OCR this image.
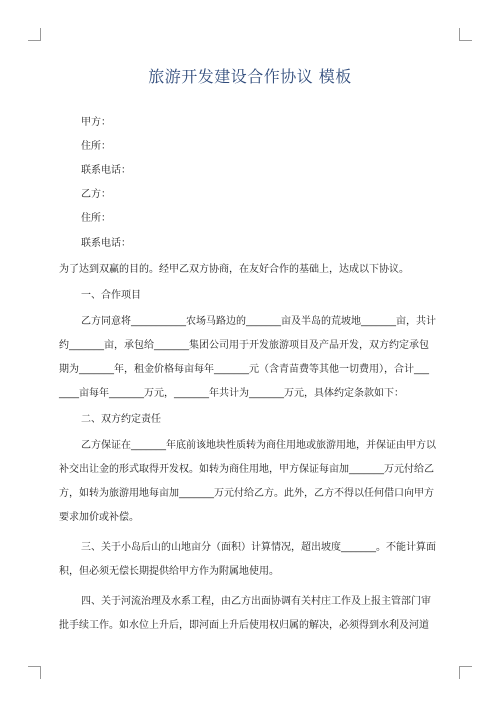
旅游开发建设合作协议 模板
甲方：
住所：
联系电话：
乙方：
住所：
联系电话：
为了达到双赢的目的。经甲乙双方协商，在友好合作的基础上，达成以下协议。
一、合作项目
乙方同意将___________农场马路边的_______亩及半岛的荒坡地_______亩，共计
约_______亩，承包给_______集团公司用于开发旅游项目及产品开发，双方约定承包
期为_______年，租金价格每亩每年_______元（含青苗费等其他一切费用），合计___
____亩每年_______万元，_______年共计为_______万元，具体约定条款如下：
二、双方约定责任
乙方保证在_______年底前该地块性质转为商住用地或旅游用地，并保证由甲方以
补交出让金的形式取得开发权。如转为商住用地，甲方保证每亩加_______万元付给乙
方，如转为旅游用地每亩加_______万元付给乙方。此外，乙方不得以任何借口向甲方
要求加价或补偿。
三、关于小岛后山的山地亩分（面积）计算情况，超出坡度_______。不能计算面
积，但必须无偿长期提供给甲方作为附属地使用。
四、关于河流治理及水系工程，由乙方出面协调有关村庄工作及上报主管部门审
批手续工作。如水位上升后，即河面上升后使用权归属的解决，必须得到水利及河道
